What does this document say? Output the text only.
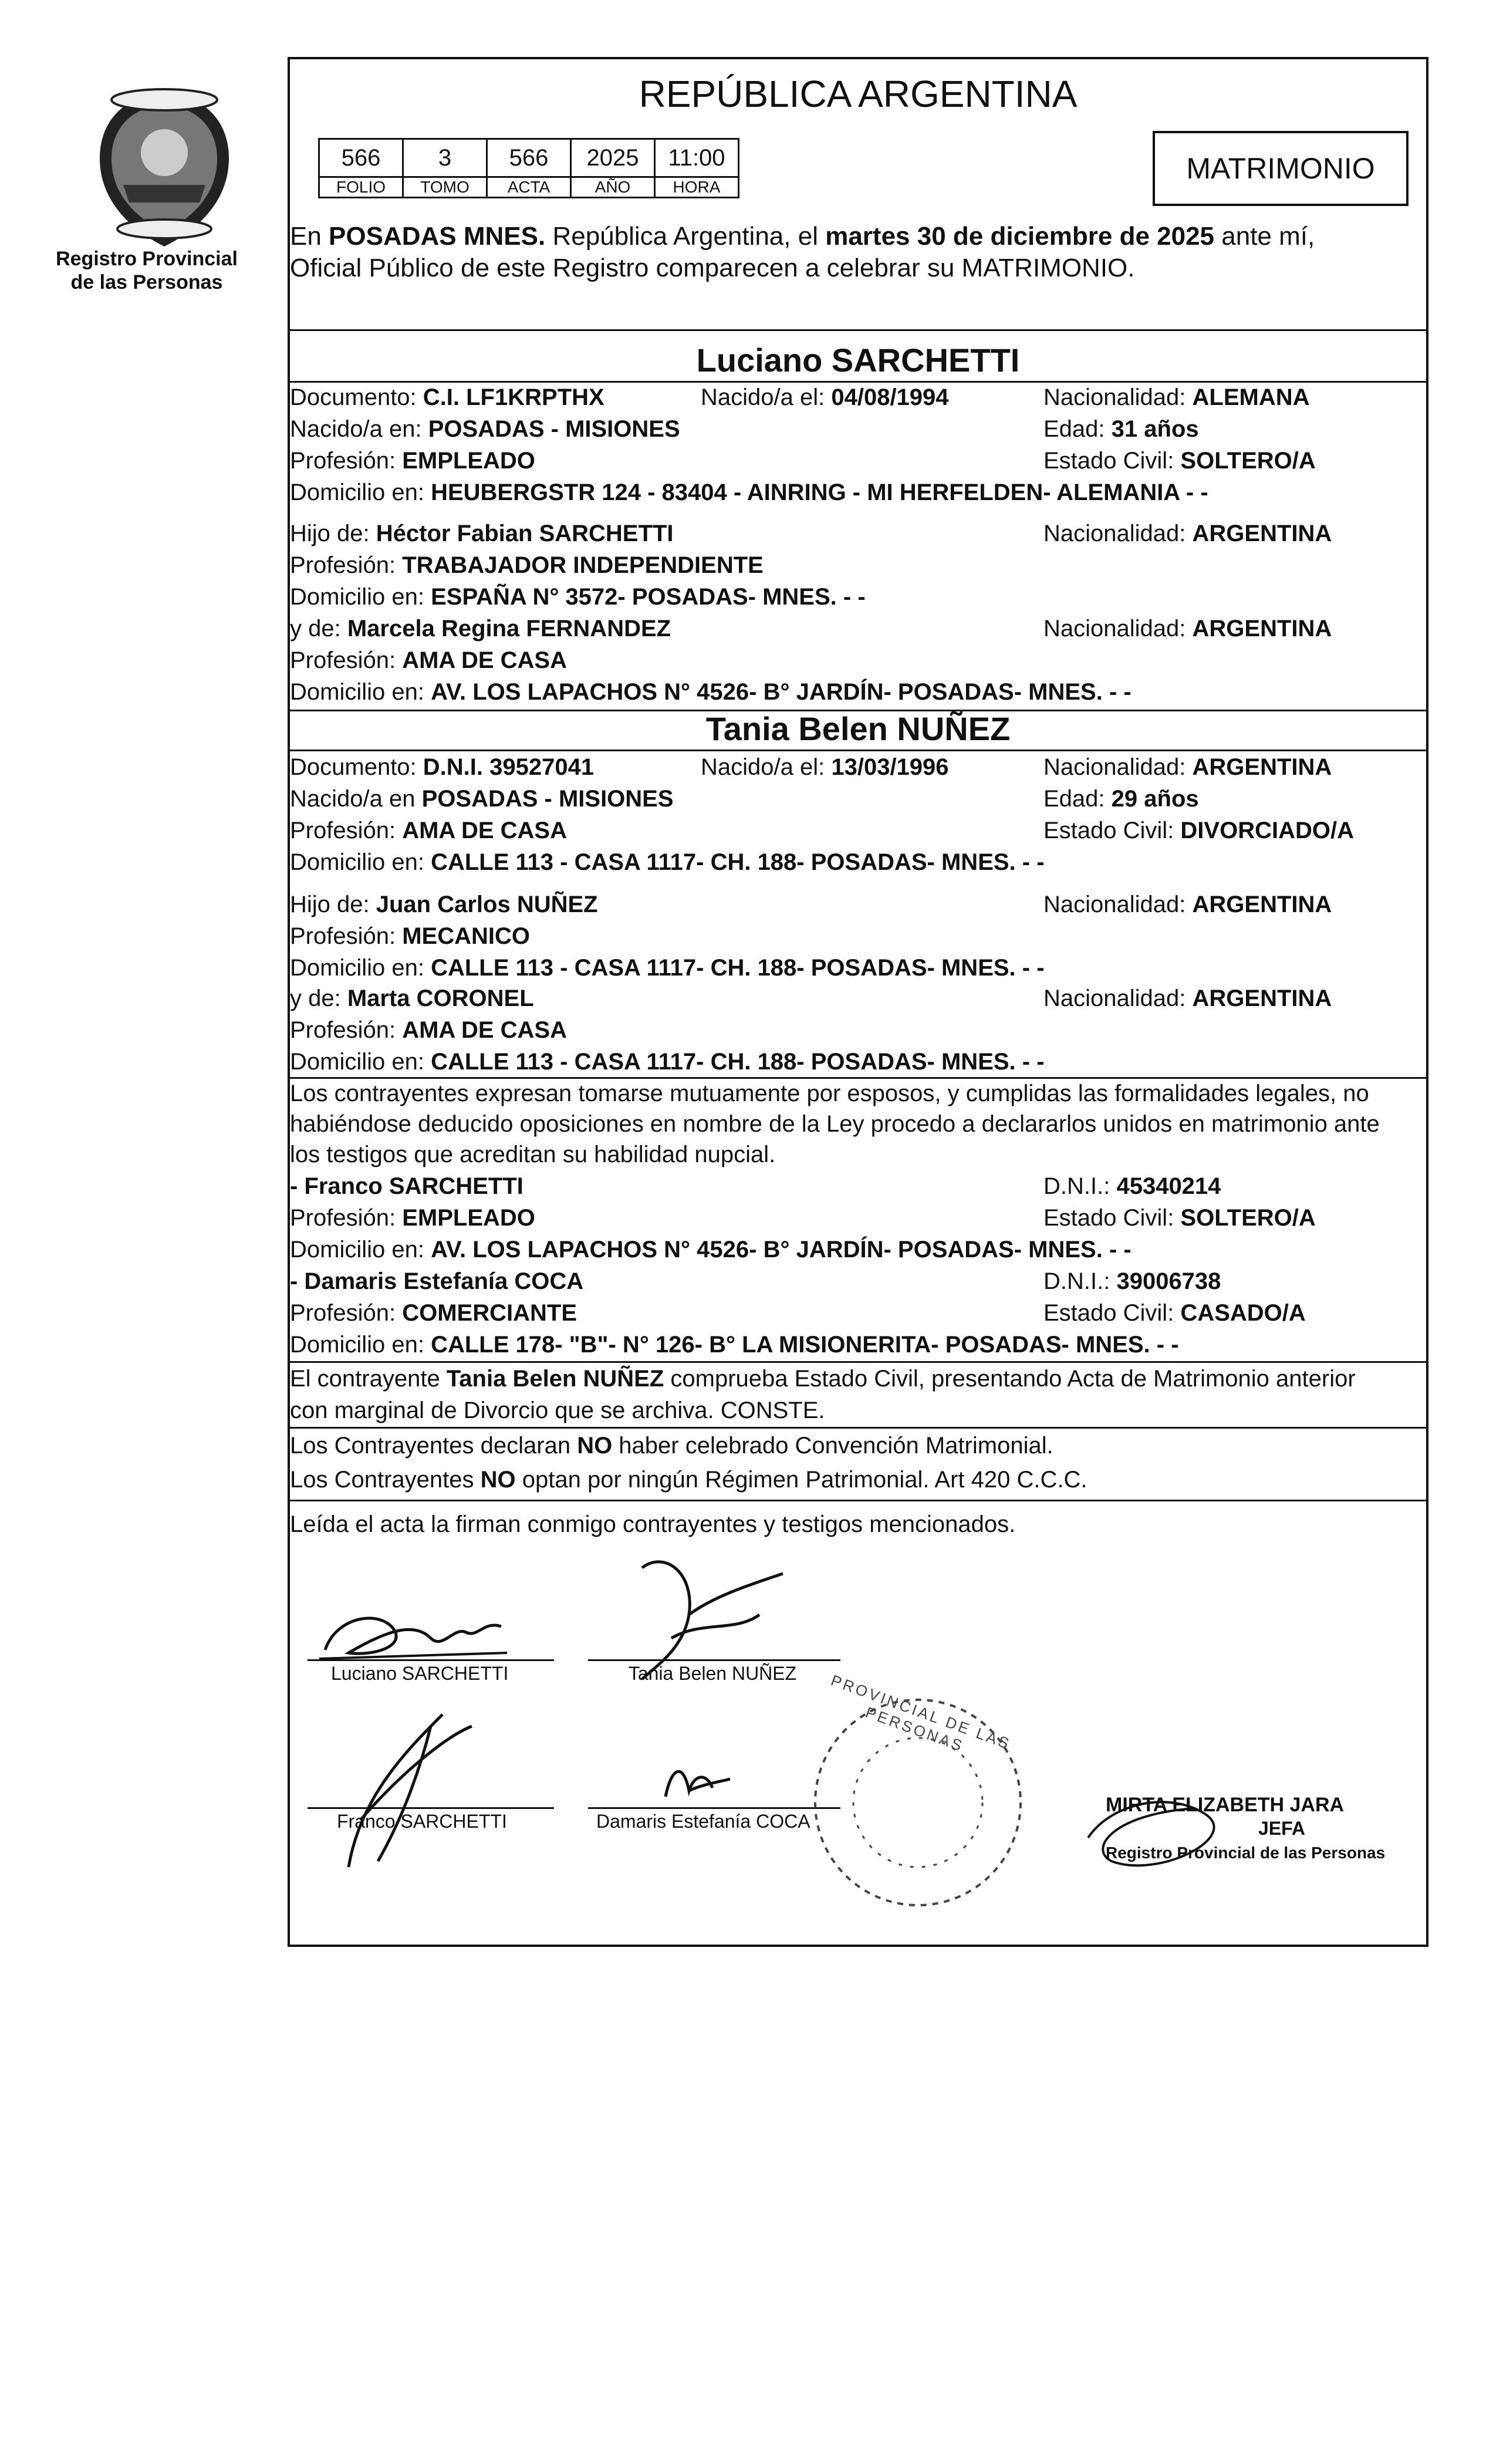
Registro Provincial
de las Personas
REPÚBLICA ARGENTINA
566	3	566	2025	11:00
FOLIO	TOMO	ACTA	AÑO	HORA
MATRIMONIO
En POSADAS MNES. República Argentina, el martes 30 de diciembre de 2025 ante mí,
Oficial Público de este Registro comparecen a celebrar su MATRIMONIO.
Luciano SARCHETTI
Documento: C.I. LF1KRPTHX	Nacido/a el: 04/08/1994	Nacionalidad: ALEMANA
Nacido/a en: POSADAS - MISIONES	Edad: 31 años
Profesión: EMPLEADO	Estado Civil: SOLTERO/A
Domicilio en: HEUBERGSTR 124 - 83404 - AINRING - MI HERFELDEN- ALEMANIA - -
Hijo de: Héctor Fabian SARCHETTI	Nacionalidad: ARGENTINA
Profesión: TRABAJADOR INDEPENDIENTE
Domicilio en: ESPAÑA N° 3572- POSADAS- MNES. - -
y de: Marcela Regina FERNANDEZ	Nacionalidad: ARGENTINA
Profesión: AMA DE CASA
Domicilio en: AV. LOS LAPACHOS N° 4526- B° JARDÍN- POSADAS- MNES. - -
Tania Belen NUÑEZ
Documento: D.N.I. 39527041	Nacido/a el: 13/03/1996	Nacionalidad: ARGENTINA
Nacido/a en POSADAS - MISIONES	Edad: 29 años
Profesión: AMA DE CASA	Estado Civil: DIVORCIADO/A
Domicilio en: CALLE 113 - CASA 1117- CH. 188- POSADAS- MNES. - -
Hijo de: Juan Carlos NUÑEZ	Nacionalidad: ARGENTINA
Profesión: MECANICO
Domicilio en: CALLE 113 - CASA 1117- CH. 188- POSADAS- MNES. - -
y de: Marta CORONEL	Nacionalidad: ARGENTINA
Profesión: AMA DE CASA
Domicilio en: CALLE 113 - CASA 1117- CH. 188- POSADAS- MNES. - -
Los contrayentes expresan tomarse mutuamente por esposos, y cumplidas las formalidades legales, no
habiéndose deducido oposiciones en nombre de la Ley procedo a declararlos unidos en matrimonio ante
los testigos que acreditan su habilidad nupcial.
- Franco SARCHETTI	D.N.I.: 45340214
Profesión: EMPLEADO	Estado Civil: SOLTERO/A
Domicilio en: AV. LOS LAPACHOS N° 4526- B° JARDÍN- POSADAS- MNES. - -
- Damaris Estefanía COCA	D.N.I.: 39006738
Profesión: COMERCIANTE	Estado Civil: CASADO/A
Domicilio en: CALLE 178- "B"- N° 126- B° LA MISIONERITA- POSADAS- MNES. - -
El contrayente Tania Belen NUÑEZ comprueba Estado Civil, presentando Acta de Matrimonio anterior
con marginal de Divorcio que se archiva. CONSTE.
Los Contrayentes declaran NO haber celebrado Convención Matrimonial.
Los Contrayentes NO optan por ningún Régimen Patrimonial. Art 420 C.C.C.
Leída el acta la firman conmigo contrayentes y testigos mencionados.
Luciano SARCHETTI	Tania Belen NUÑEZ
Franco SARCHETTI	Damaris Estefanía COCA
PROVINCIAL DE LAS PERSONAS
MIRTA ELIZABETH JARA
JEFA
Registro Provincial de las Personas
